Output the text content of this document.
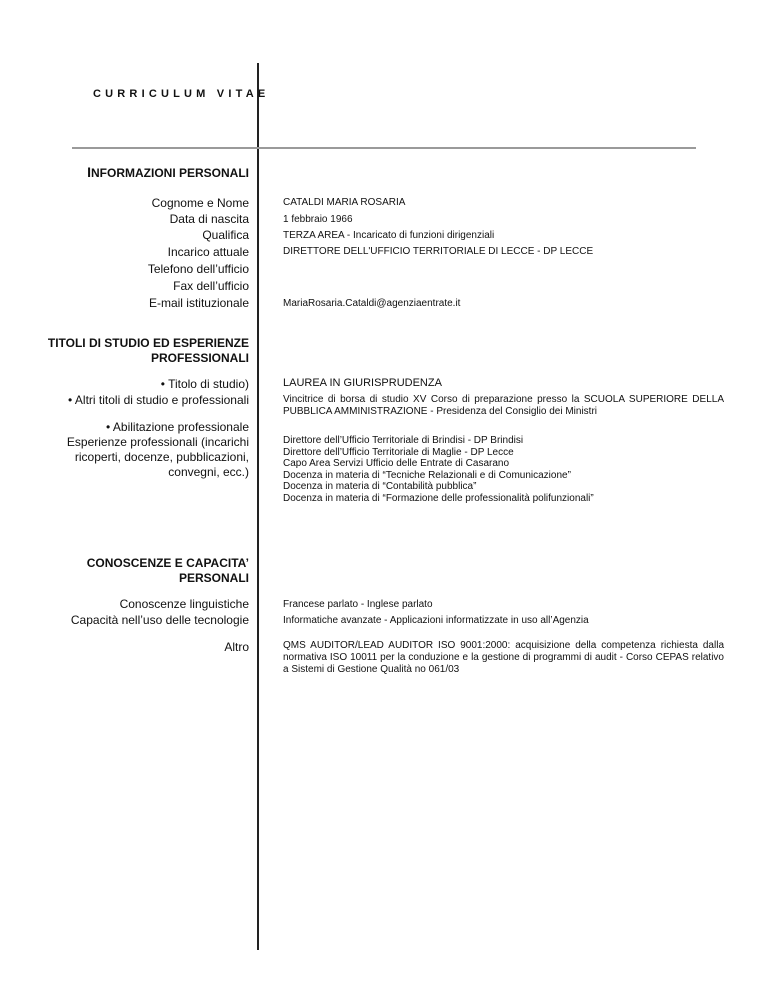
CURRICULUM VITAE
INFORMAZIONI PERSONALI
Cognome e Nome
Data di nascita
Qualifica
Incarico attuale
Telefono dell’ufficio
Fax dell’ufficio
E-mail istituzionale
CATALDI MARIA ROSARIA
1 febbraio 1966
TERZA AREA - Incaricato di funzioni dirigenziali
DIRETTORE DELL'UFFICIO TERRITORIALE DI LECCE - DP LECCE
MariaRosaria.Cataldi@agenziaentrate.it
TITOLI DI STUDIO ED ESPERIENZE
PROFESSIONALI
• Titolo di studio)
• Altri titoli di studio e professionali
• Abilitazione professionale
Esperienze professionali (incarichi
ricoperti, docenze, pubblicazioni,
convegni, ecc.)
LAUREA IN GIURISPRUDENZA
Vincitrice di borsa di studio XV Corso di preparazione presso la SCUOLA SUPERIORE DELLA PUBBLICA AMMINISTRAZIONE - Presidenza del Consiglio dei Ministri
Direttore dell’Ufficio Territoriale di Brindisi - DP Brindisi
Direttore dell’Ufficio Territoriale di Maglie - DP Lecce
Capo Area Servizi Ufficio delle Entrate di Casarano
Docenza in materia di “Tecniche Relazionali e di Comunicazione”
Docenza in materia di “Contabilità pubblica”
Docenza in materia di “Formazione delle professionalità polifunzionali”
CONOSCENZE E CAPACITA’
PERSONALI
Conoscenze linguistiche
Capacità nell’uso delle tecnologie
Altro
Francese parlato - Inglese parlato
Informatiche avanzate - Applicazioni informatizzate in uso all’Agenzia
QMS AUDITOR/LEAD AUDITOR ISO 9001:2000: acquisizione della competenza richiesta dalla normativa ISO 10011 per la conduzione e la gestione di programmi di audit - Corso CEPAS relativo a Sistemi di Gestione Qualità no 061/03
